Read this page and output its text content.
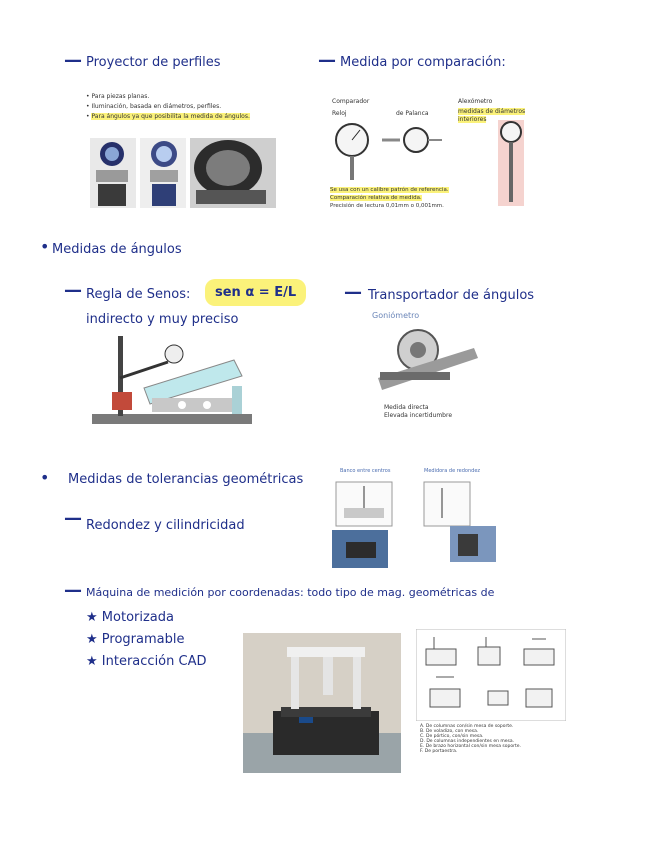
— Proyector de perfiles
• Para piezas planas.
• Iluminación, basada en diámetros, perfiles.
• Para ángulos ya que posibilita la medida de ángulos.
— Medida por comparación:
Comparador
Reloj	de Palanca
Alexómetro
medidas de diámetros interiores
Se usa con un calibre patrón de referencia.
Comparación relativa de medida.
Precisión de lectura 0,01mm o 0,001mm.
• Medidas de ángulos
— Regla de Senos:	sen α = E/L
indirecto y muy preciso
— Transportador de ángulos
Goniómetro
Medida directa
Elevada incertidumbre
• Medidas de tolerancias geométricas
— Redondez y cilindricidad
Banco entre centros	Medidora de redondez
— Máquina de medición por coordenadas: todo tipo de mag. geométricas de
★ Motorizada
★ Programable
★ Interacción CAD
A. De columnas con/sin mesa de soporte.
B. De voladizo, con mesa.
C. De pórtico, con/sin mesa.
D. De columnas independientes en mesa.
E. De brazo horizontal con/sin mesa soporte.
F. De portaestra.
